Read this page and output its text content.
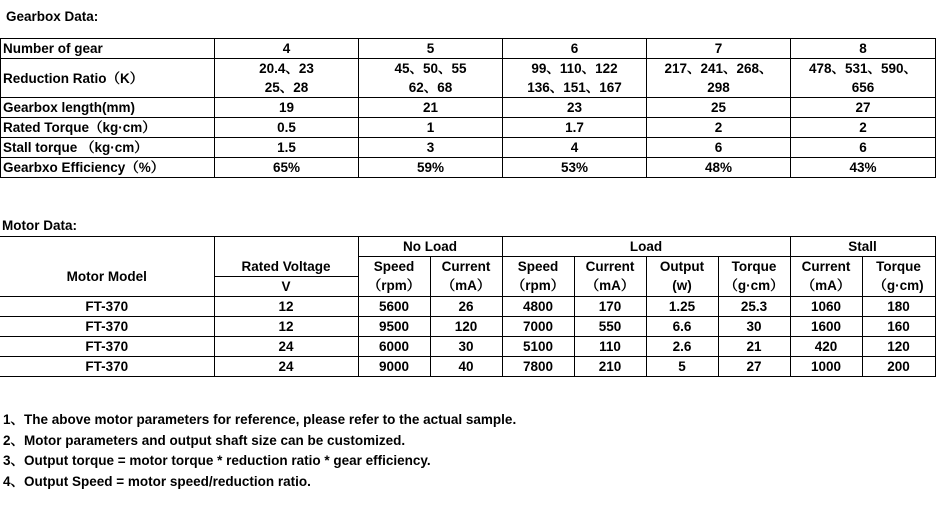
Gearbox Data:
Number of gear	4	5	6	7	8
Reduction Ratio（K）	20.4、23	45、50、55	99、110、122	217、241、268、	478、531、590、
	25、28	62、68	136、151、167	298	656
Gearbox length(mm)	19	21	23	25	27
Rated Torque（kg·cm）	0.5	1	1.7	2	2
Stall torque （kg·cm）	1.5	3	4	6	6
Gearbxo Efficiency（%）	65%	59%	53%	48%	43%
Motor Data:
		No Load		Load				Stall	
Motor Model	Rated Voltage	Speed	Current	Speed	Current	Output	Torque	Current	Torque
	V	（rpm）	（mA）	（rpm）	（mA）	(w)	（g·cm）	（mA）	（g·cm)
FT-370	12	5600	26	4800	170	1.25	25.3	1060	180
FT-370	12	9500	120	7000	550	6.6	30	1600	160
FT-370	24	6000	30	5100	110	2.6	21	420	120
FT-370	24	9000	40	7800	210	5	27	1000	200
1、The above motor parameters for reference, please refer to the actual sample.
2、Motor parameters and output shaft size can be customized.
3、Output torque = motor torque * reduction ratio * gear efficiency.
4、Output Speed = motor speed/reduction ratio.
